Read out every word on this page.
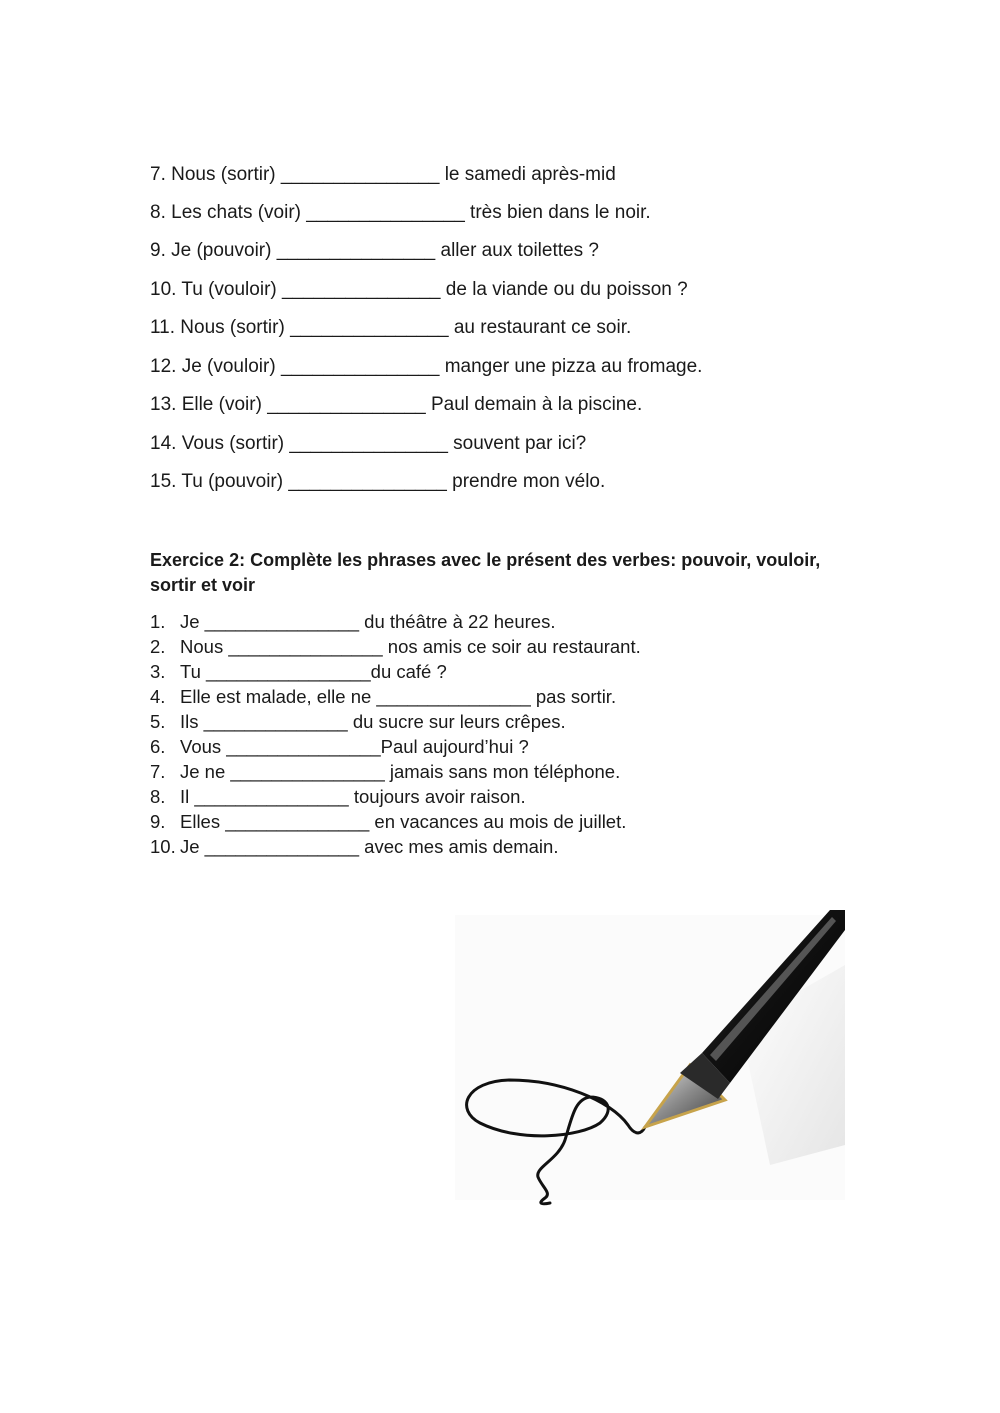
7. Nous (sortir) _______________ le samedi après-mid
8. Les chats (voir) _______________ très bien dans le noir.
9. Je (pouvoir) _______________ aller aux toilettes ?
10. Tu (vouloir) _______________ de la viande ou du poisson ?
11. Nous (sortir) _______________ au restaurant ce soir.
12. Je (vouloir) _______________ manger une pizza au fromage.
13. Elle (voir) _______________ Paul demain à la piscine.
14. Vous (sortir) _______________ souvent par ici?
15. Tu (pouvoir) _______________ prendre mon vélo.
Exercice 2: Complète les phrases avec le présent des verbes: pouvoir, vouloir,
sortir et voir
1. Je _______________ du théâtre à 22 heures.
2. Nous _______________ nos amis ce soir au restaurant.
3. Tu ________________du café ?
4. Elle est malade, elle ne _______________ pas sortir.
5. Ils ______________ du sucre sur leurs crêpes.
6. Vous _______________Paul aujourd’hui ?
7. Je ne _______________ jamais sans mon téléphone.
8. Il _______________ toujours avoir raison.
9. Elles ______________ en vacances au mois de juillet.
10. Je _______________ avec mes amis demain.
